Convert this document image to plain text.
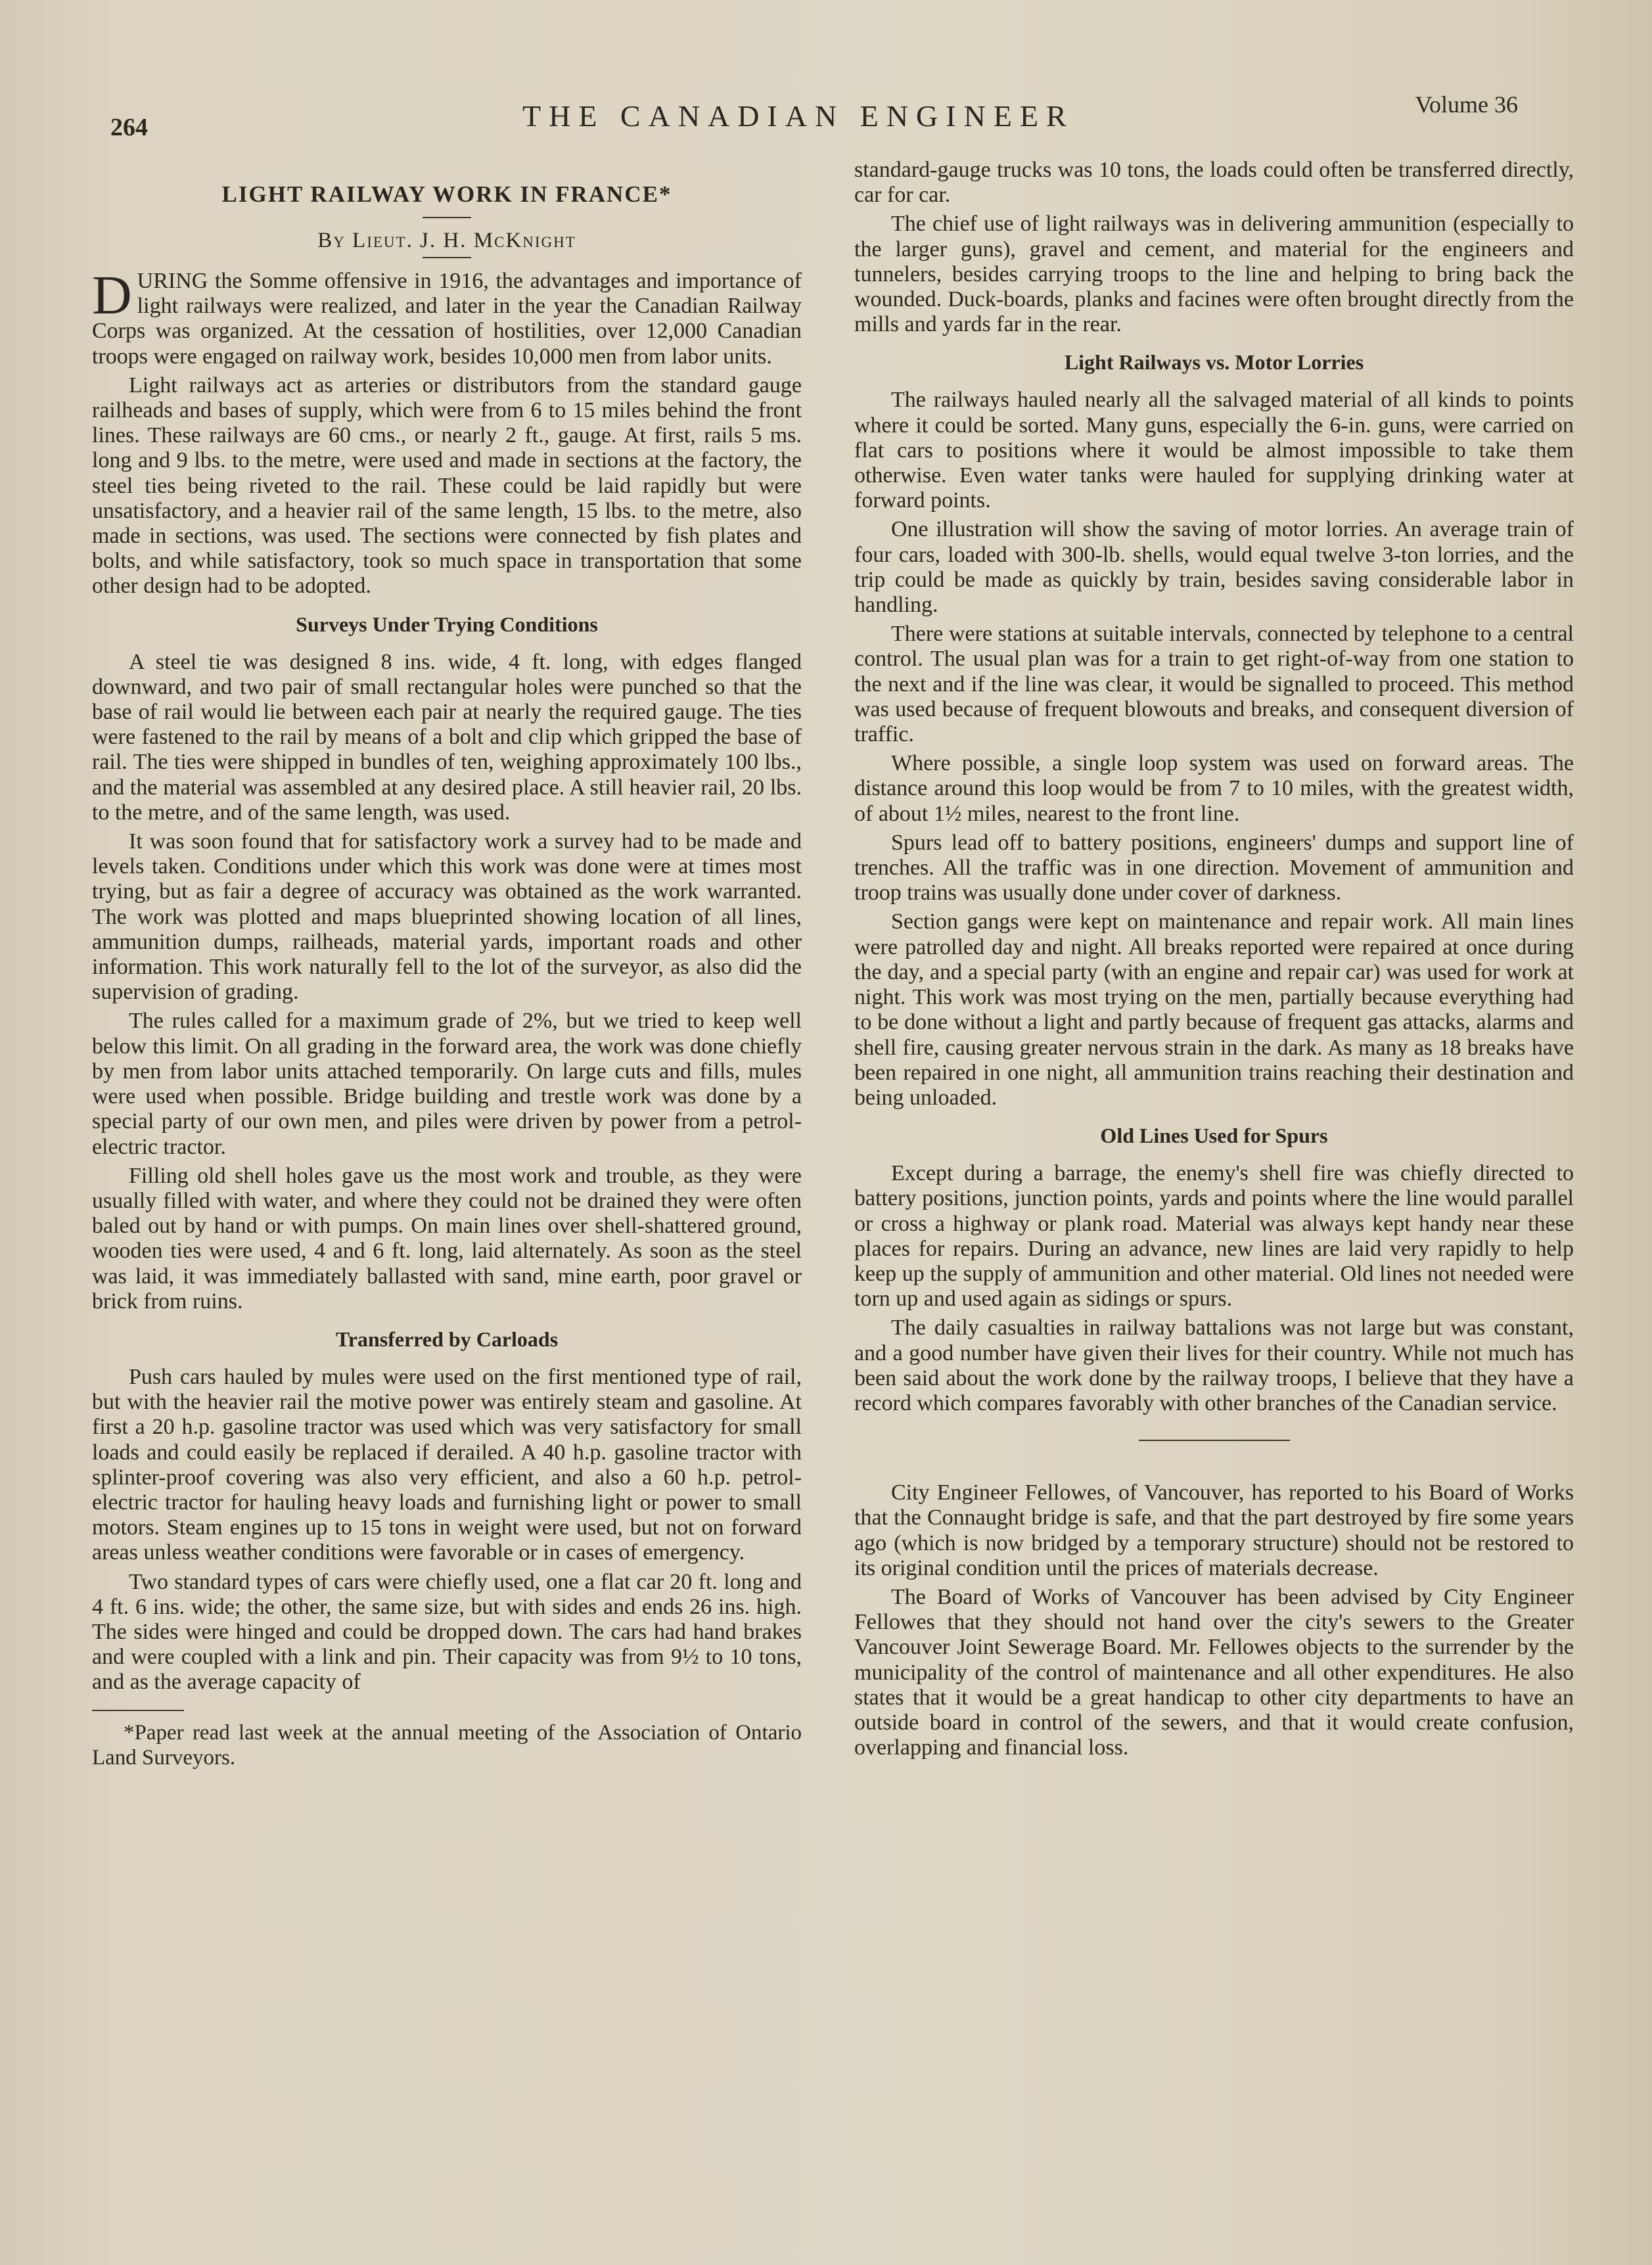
264	THE CANADIAN ENGINEER	Volume 36
LIGHT RAILWAY WORK IN FRANCE*
By Lieut. J. H. McKnight

DURING the Somme offensive in 1916, the advantages and importance of light railways were realized, and later in the year the Canadian Railway Corps was organized. At the cessation of hostilities, over 12,000 Canadian troops were engaged on railway work, besides 10,000 men from labor units.

Light railways act as arteries or distributors from the standard gauge railheads and bases of supply, which were from 6 to 15 miles behind the front lines. These railways are 60 cms., or nearly 2 ft., gauge. At first, rails 5 ms. long and 9 lbs. to the metre, were used and made in sections at the factory, the steel ties being riveted to the rail. These could be laid rapidly but were unsatisfactory, and a heavier rail of the same length, 15 lbs. to the metre, also made in sections, was used. The sections were connected by fish plates and bolts, and while satisfactory, took so much space in transportation that some other design had to be adopted.

Surveys Under Trying Conditions

A steel tie was designed 8 ins. wide, 4 ft. long, with edges flanged downward, and two pair of small rectangular holes were punched so that the base of rail would lie between each pair at nearly the required gauge. The ties were fastened to the rail by means of a bolt and clip which gripped the base of rail. The ties were shipped in bundles of ten, weighing approximately 100 lbs., and the material was assembled at any desired place. A still heavier rail, 20 lbs. to the metre, and of the same length, was used.

It was soon found that for satisfactory work a survey had to be made and levels taken. Conditions under which this work was done were at times most trying, but as fair a degree of accuracy was obtained as the work warranted. The work was plotted and maps blueprinted showing location of all lines, ammunition dumps, railheads, material yards, important roads and other information. This work naturally fell to the lot of the surveyor, as also did the supervision of grading.

The rules called for a maximum grade of 2%, but we tried to keep well below this limit. On all grading in the forward area, the work was done chiefly by men from labor units attached temporarily. On large cuts and fills, mules were used when possible. Bridge building and trestle work was done by a special party of our own men, and piles were driven by power from a petrol-electric tractor.

Filling old shell holes gave us the most work and trouble, as they were usually filled with water, and where they could not be drained they were often baled out by hand or with pumps. On main lines over shell-shattered ground, wooden ties were used, 4 and 6 ft. long, laid alternately. As soon as the steel was laid, it was immediately ballasted with sand, mine earth, poor gravel or brick from ruins.

Transferred by Carloads

Push cars hauled by mules were used on the first mentioned type of rail, but with the heavier rail the motive power was entirely steam and gasoline. At first a 20 h.p. gasoline tractor was used which was very satisfactory for small loads and could easily be replaced if derailed. A 40 h.p. gasoline tractor with splinter-proof covering was also very efficient, and also a 60 h.p. petrol-electric tractor for hauling heavy loads and furnishing light or power to small motors. Steam engines up to 15 tons in weight were used, but not on forward areas unless weather conditions were favorable or in cases of emergency.

Two standard types of cars were chiefly used, one a flat car 20 ft. long and 4 ft. 6 ins. wide; the other, the same size, but with sides and ends 26 ins. high. The sides were hinged and could be dropped down. The cars had hand brakes and were coupled with a link and pin. Their capacity was from 9½ to 10 tons, and as the average capacity of

*Paper read last week at the annual meeting of the Association of Ontario Land Surveyors.

standard-gauge trucks was 10 tons, the loads could often be transferred directly, car for car.

The chief use of light railways was in delivering ammunition (especially to the larger guns), gravel and cement, and material for the engineers and tunnelers, besides carrying troops to the line and helping to bring back the wounded. Duck-boards, planks and facines were often brought directly from the mills and yards far in the rear.

Light Railways vs. Motor Lorries

The railways hauled nearly all the salvaged material of all kinds to points where it could be sorted. Many guns, especially the 6-in. guns, were carried on flat cars to positions where it would be almost impossible to take them otherwise. Even water tanks were hauled for supplying drinking water at forward points.

One illustration will show the saving of motor lorries. An average train of four cars, loaded with 300-lb. shells, would equal twelve 3-ton lorries, and the trip could be made as quickly by train, besides saving considerable labor in handling.

There were stations at suitable intervals, connected by telephone to a central control. The usual plan was for a train to get right-of-way from one station to the next and if the line was clear, it would be signalled to proceed. This method was used because of frequent blowouts and breaks, and consequent diversion of traffic.

Where possible, a single loop system was used on forward areas. The distance around this loop would be from 7 to 10 miles, with the greatest width, of about 1½ miles, nearest to the front line.

Spurs lead off to battery positions, engineers' dumps and support line of trenches. All the traffic was in one direction. Movement of ammunition and troop trains was usually done under cover of darkness.

Section gangs were kept on maintenance and repair work. All main lines were patrolled day and night. All breaks reported were repaired at once during the day, and a special party (with an engine and repair car) was used for work at night. This work was most trying on the men, partially because everything had to be done without a light and partly because of frequent gas attacks, alarms and shell fire, causing greater nervous strain in the dark. As many as 18 breaks have been repaired in one night, all ammunition trains reaching their destination and being unloaded.

Old Lines Used for Spurs

Except during a barrage, the enemy's shell fire was chiefly directed to battery positions, junction points, yards and points where the line would parallel or cross a highway or plank road. Material was always kept handy near these places for repairs. During an advance, new lines are laid very rapidly to help keep up the supply of ammunition and other material. Old lines not needed were torn up and used again as sidings or spurs.

The daily casualties in railway battalions was not large but was constant, and a good number have given their lives for their country. While not much has been said about the work done by the railway troops, I believe that they have a record which compares favorably with other branches of the Canadian service.

City Engineer Fellowes, of Vancouver, has reported to his Board of Works that the Connaught bridge is safe, and that the part destroyed by fire some years ago (which is now bridged by a temporary structure) should not be restored to its original condition until the prices of materials decrease.

The Board of Works of Vancouver has been advised by City Engineer Fellowes that they should not hand over the city's sewers to the Greater Vancouver Joint Sewerage Board. Mr. Fellowes objects to the surrender by the municipality of the control of maintenance and all other expenditures. He also states that it would be a great handicap to other city departments to have an outside board in control of the sewers, and that it would create confusion, overlapping and financial loss.
